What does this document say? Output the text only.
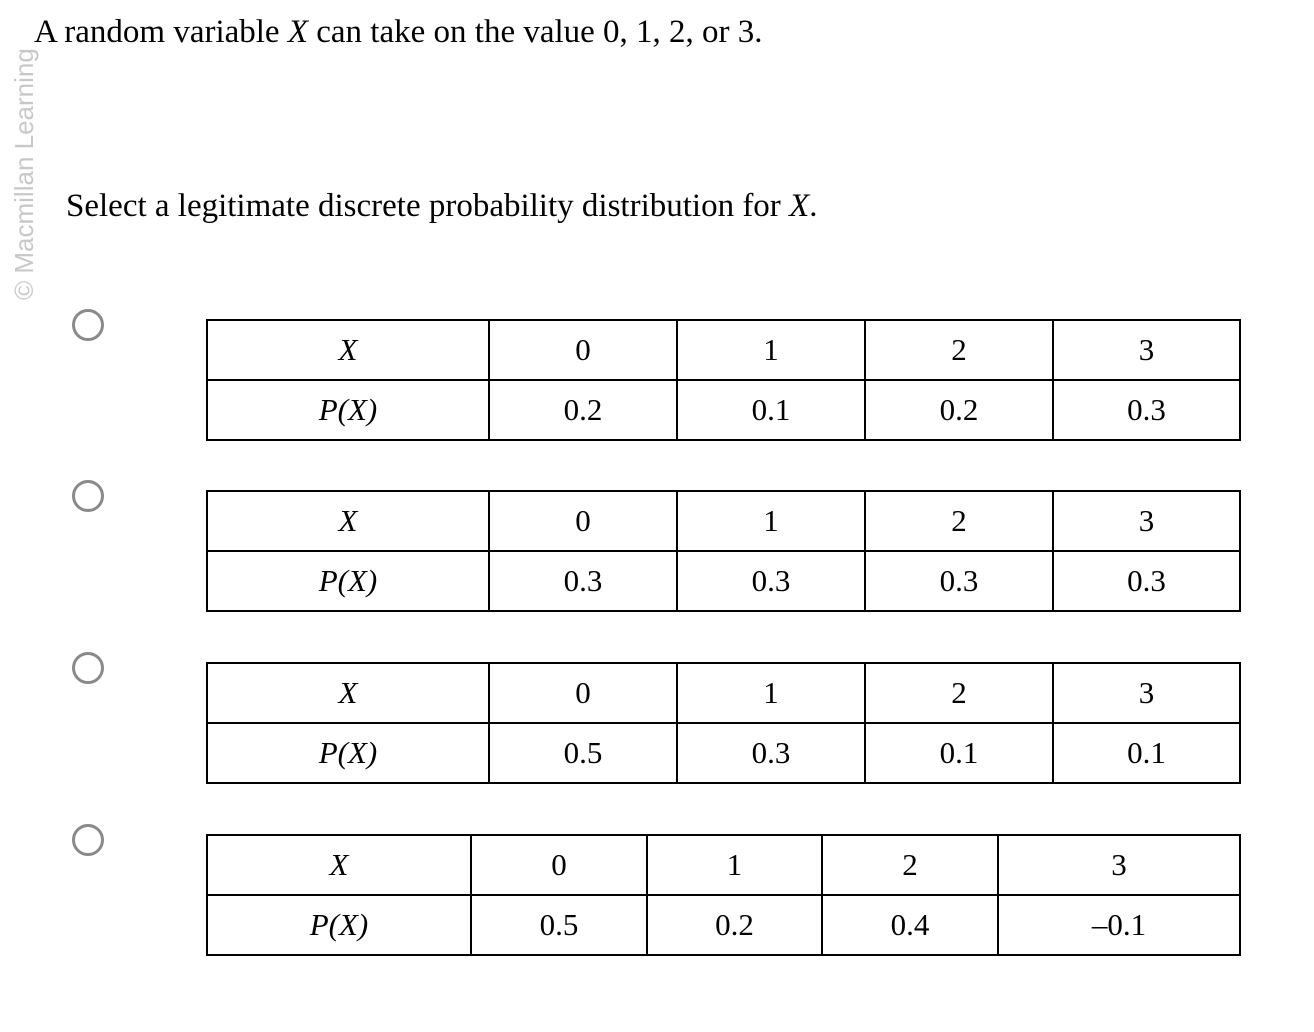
© Macmillan Learning
A random variable X can take on the value 0, 1, 2, or 3.
Select a legitimate discrete probability distribution for X.
X	0	1	2	3
P(X)	0.2	0.1	0.2	0.3
X	0	1	2	3
P(X)	0.3	0.3	0.3	0.3
X	0	1	2	3
P(X)	0.5	0.3	0.1	0.1
X	0	1	2	3
P(X)	0.5	0.2	0.4	–0.1
